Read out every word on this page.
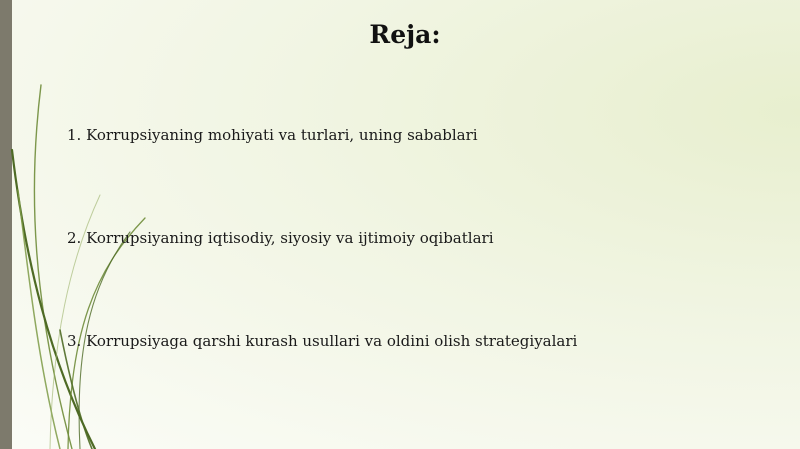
Reja:
1. Korrupsiyaning mohiyati va turlari, uning sabablari
2. Korrupsiyaning iqtisodiy, siyosiy va ijtimoiy oqibatlari
3. Korrupsiyaga qarshi kurash usullari va oldini olish strategiyalari
